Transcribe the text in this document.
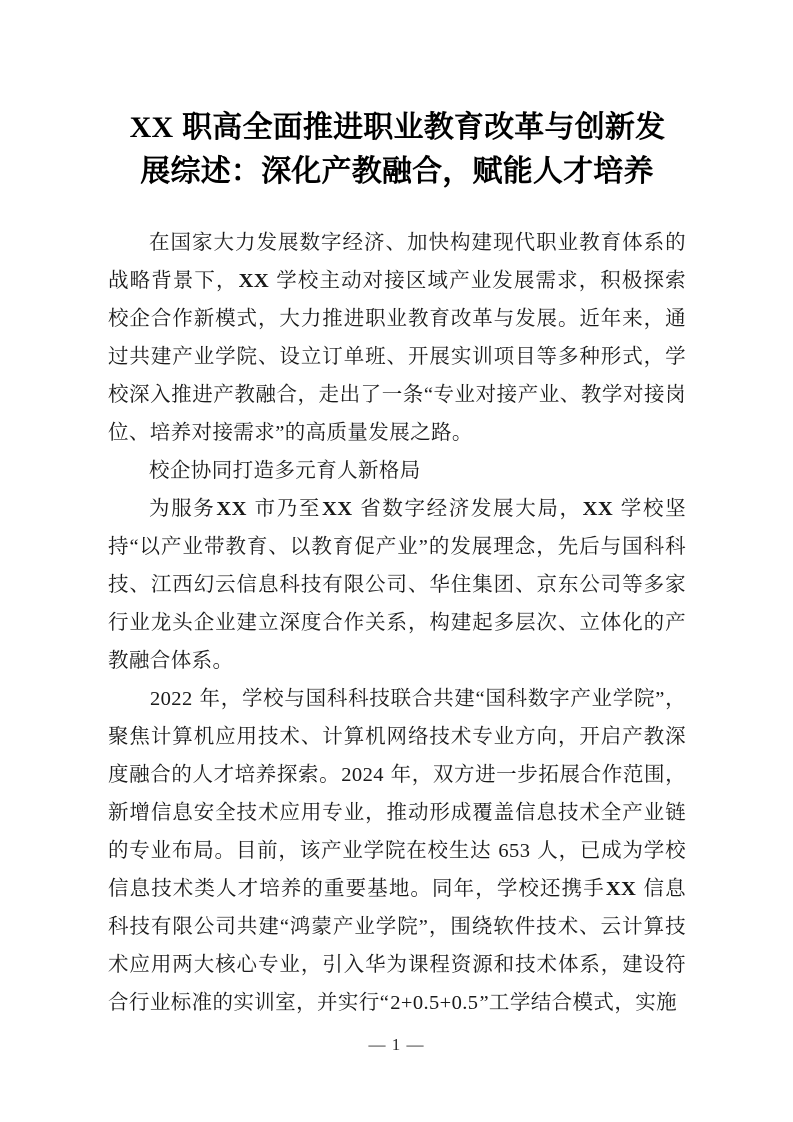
XX 职高全面推进职业教育改革与创新发
展综述：深化产教融合，赋能人才培养

在国家大力发展数字经济、加快构建现代职业教育体系的战略背景下，XX 学校主动对接区域产业发展需求，积极探索校企合作新模式，大力推进职业教育改革与发展。近年来，通过共建产业学院、设立订单班、开展实训项目等多种形式，学校深入推进产教融合，走出了一条“专业对接产业、教学对接岗位、培养对接需求”的高质量发展之路。

校企协同打造多元育人新格局

为服务XX 市乃至XX 省数字经济发展大局，XX 学校坚持“以产业带教育、以教育促产业”的发展理念，先后与国科科技、江西幻云信息科技有限公司、华住集团、京东公司等多家行业龙头企业建立深度合作关系，构建起多层次、立体化的产教融合体系。

2022 年，学校与国科科技联合共建“国科数字产业学院”，聚焦计算机应用技术、计算机网络技术专业方向，开启产教深度融合的人才培养探索。2024 年，双方进一步拓展合作范围，新增信息安全技术应用专业，推动形成覆盖信息技术全产业链的专业布局。目前，该产业学院在校生达 653 人，已成为学校信息技术类人才培养的重要基地。同年，学校还携手XX 信息科技有限公司共建“鸿蒙产业学院”，围绕软件技术、云计算技术应用两大核心专业，引入华为课程资源和技术体系，建设符合行业标准的实训室，并实行“2+0.5+0.5”工学结合模式，实施

— 1 —
